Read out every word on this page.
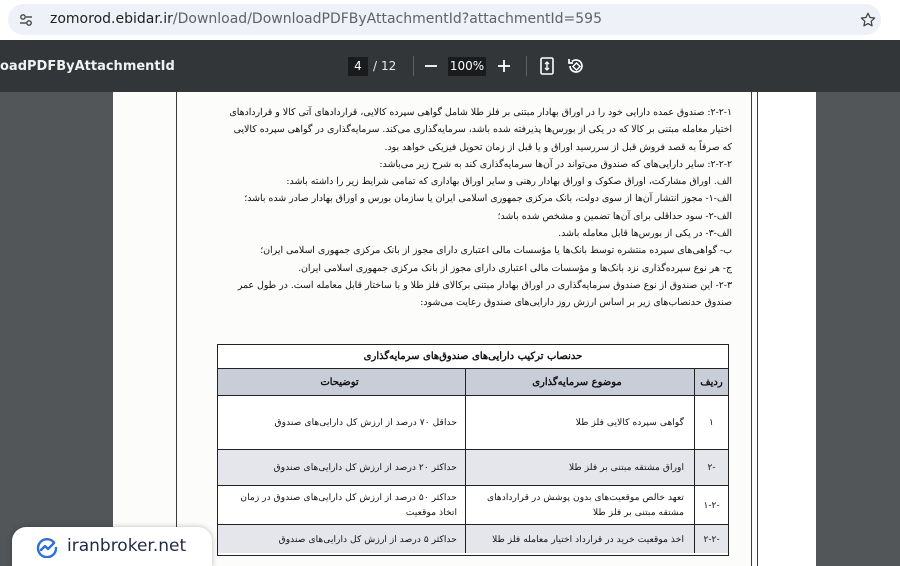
zomorod.ebidar.ir/Download/DownloadPDFByAttachmentId?attachmentId=595
oadPDFByAttachmentId	4 / 12	100%

۲-۲-۱: صندوق عمده دارایی خود را در اوراق بهادار مبتنی بر فلز طلا شامل گواهی سپرده کالایی، قراردادهای آتی کالا و قراردادهای

اختیار معامله مبتنی بر کالا که در یکی از بورس‌ها پذیرفته شده باشد، سرمایه‌گذاری می‌کند. سرمایه‌گذاری در گواهی سپرده کالایی

که صرفاً به قصد فروش قبل از سررسید اوراق و یا قبل از زمان تحویل فیزیکی خواهد بود.

۲-۲-۲: سایر دارایی‌های که صندوق می‌تواند در آن‌ها سرمایه‌گذاری کند به شرح زیر می‌باشد:

الف. اوراق مشارکت، اوراق صکوک و اوراق بهادار رهنی و سایر اوراق بهاداری که تمامی شرایط زیر را داشته باشد:

الف-۱- مجوز انتشار آن‌ها از سوی دولت، بانک مرکزی جمهوری اسلامی ایران یا سازمان بورس و اوراق بهادار صادر شده باشد؛

الف-۲- سود حداقلی برای آن‌ها تضمین و مشخص شده باشد؛

الف-۳- در یکی از بورس‌ها قابل معامله باشد.

ب- گواهی‌های سپرده منتشره توسط بانک‌ها یا مؤسسات مالی اعتباری دارای مجوز از بانک مرکزی جمهوری اسلامی ایران؛

ج- هر نوع سپرده‌گذاری نزد بانک‌ها و مؤسسات مالی اعتباری دارای مجوز از بانک مرکزی جمهوری اسلامی ایران.

۲-۳- این صندوق از نوع صندوق سرمایه‌گذاری در اوراق بهادار مبتنی برکالای فلز طلا و با ساختار قابل معامله است. در طول عمر

صندوق حدنصاب‌های زیر بر اساس ارزش روز دارایی‌های صندوق رعایت می‌شود:

حدنصاب ترکیب دارایی‌های صندوق‌های سرمایه‌گذاری
ردیف
موضوع سرمایه‌گذاری
توضیحات
۱
گواهی سپرده کالایی فلز طلا
حداقل ۷۰ درصد از ارزش کل دارایی‌های صندوق
-۲
اوراق مشتقه مبتنی بر فلز طلا
حداکثر ۲۰ درصد از ارزش کل دارایی‌های صندوق
-۱-۲
تعهد خالص موقعیت‌های بدون پوشش در قراردادهای مشتقه مبتنی بر فلز طلا
حداکثر ۵۰ درصد از ارزش کل دارایی‌های صندوق در زمان اتخاذ موقعیت
-۲-۲
اخذ موقعیت خرید در قرارداد اختیار معامله فلز طلا
حداکثر ۵ درصد از ارزش کل دارایی‌های صندوق
iranbroker.net
